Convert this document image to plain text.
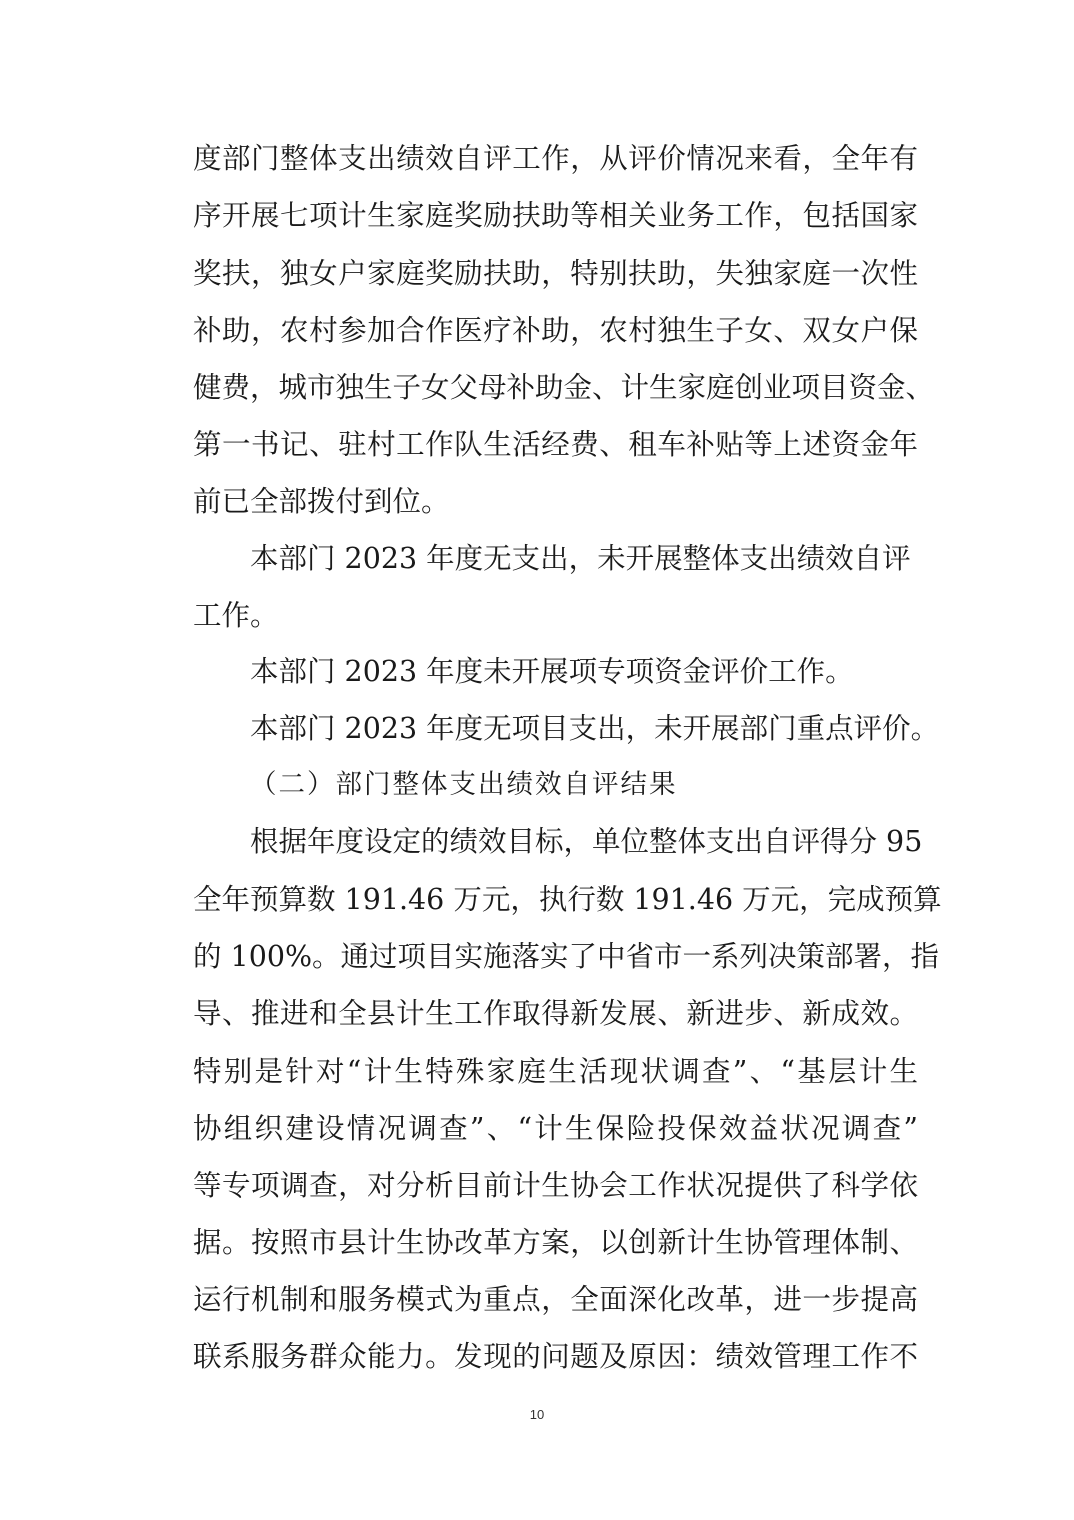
度部门整体支出绩效自评工作，从评价情况来看，全年有
序开展七项计生家庭奖励扶助等相关业务工作，包括国家
奖扶，独女户家庭奖励扶助，特别扶助，失独家庭一次性
补助，农村参加合作医疗补助，农村独生子女、双女户保
健费，城市独生子女父母补助金、计生家庭创业项目资金、
第一书记、驻村工作队生活经费、租车补贴等上述资金年
前已全部拨付到位。
本部门 2023 年度无支出，未开展整体支出绩效自评
工作。
本部门 2023 年度未开展项专项资金评价工作。
本部门 2023 年度无项目支出，未开展部门重点评价。
（二）部门整体支出绩效自评结果
根据年度设定的绩效目标，单位整体支出自评得分 95
全年预算数 191.46 万元，执行数 191.46 万元，完成预算
的 100%。通过项目实施落实了中省市一系列决策部署，指
导、推进和全县计生工作取得新发展、新进步、新成效。
特别是针对“计生特殊家庭生活现状调查”、“基层计生
协组织建设情况调查”、“计生保险投保效益状况调查”
等专项调查，对分析目前计生协会工作状况提供了科学依
据。按照市县计生协改革方案，以创新计生协管理体制、
运行机制和服务模式为重点，全面深化改革，进一步提高
联系服务群众能力。发现的问题及原因：绩效管理工作不
10
